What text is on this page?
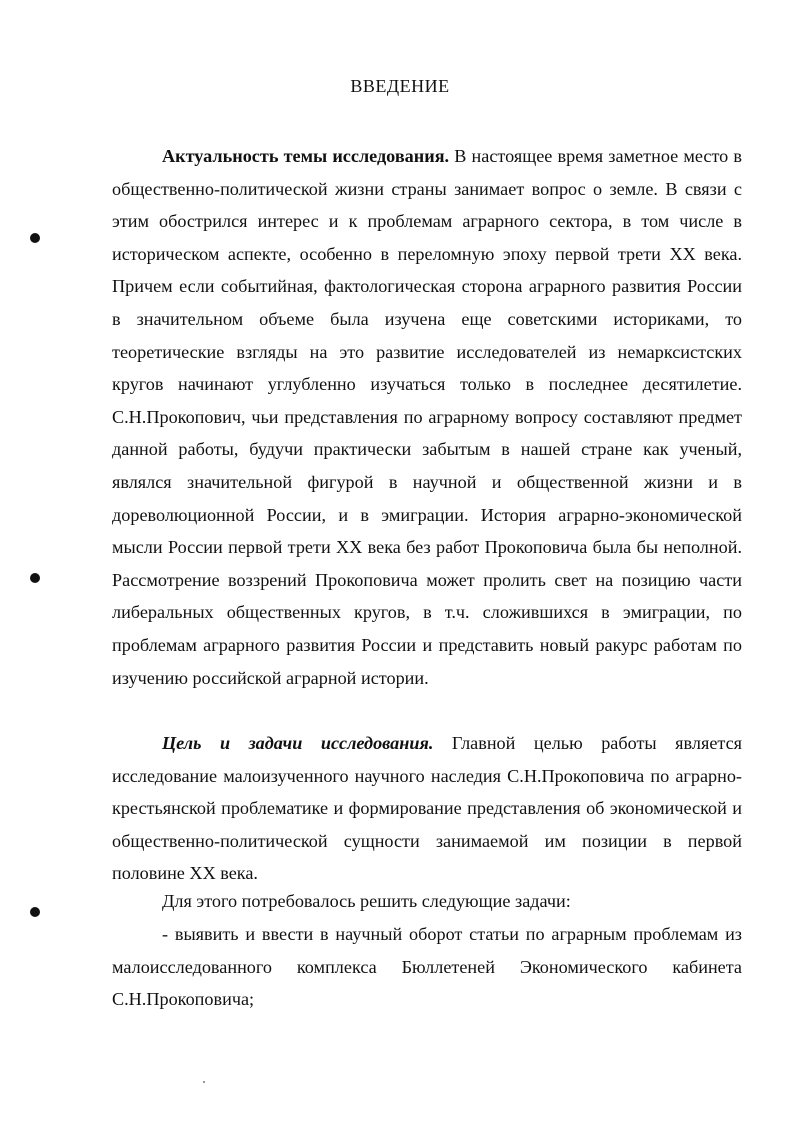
ВВЕДЕНИЕ

Актуальность темы исследования. В настоящее время заметное место в общественно-политической жизни страны занимает вопрос о земле. В связи с этим обострился интерес и к проблемам аграрного сектора, в том числе в историческом аспекте, особенно в переломную эпоху первой трети XX века. Причем если событийная, фактологическая сторона аграрного развития России в значительном объеме была изучена еще советскими историками, то теоретические взгляды на это развитие исследователей из немарксистских кругов начинают углубленно изучаться только в последнее десятилетие. С.Н.Прокопович, чьи представления по аграрному вопросу составляют предмет данной работы, будучи практически забытым в нашей стране как ученый, являлся значительной фигурой в научной и общественной жизни и в дореволюционной России, и в эмиграции. История аграрно-экономической мысли России первой трети XX века без работ Прокоповича была бы неполной. Рассмотрение воззрений Прокоповича может пролить свет на позицию части либеральных общественных кругов, в т.ч. сложившихся в эмиграции, по проблемам аграрного развития России и представить новый ракурс работам по изучению российской аграрной истории.

Цель и задачи исследования. Главной целью работы является исследование малоизученного научного наследия С.Н.Прокоповича по аграрно-крестьянской проблематике и формирование представления об экономической и общественно-политической сущности занимаемой им позиции в первой половине XX века.

Для этого потребовалось решить следующие задачи:

- выявить и ввести в научный оборот статьи по аграрным проблемам из малоисследованного комплекса Бюллетеней Экономического кабинета С.Н.Прокоповича;
